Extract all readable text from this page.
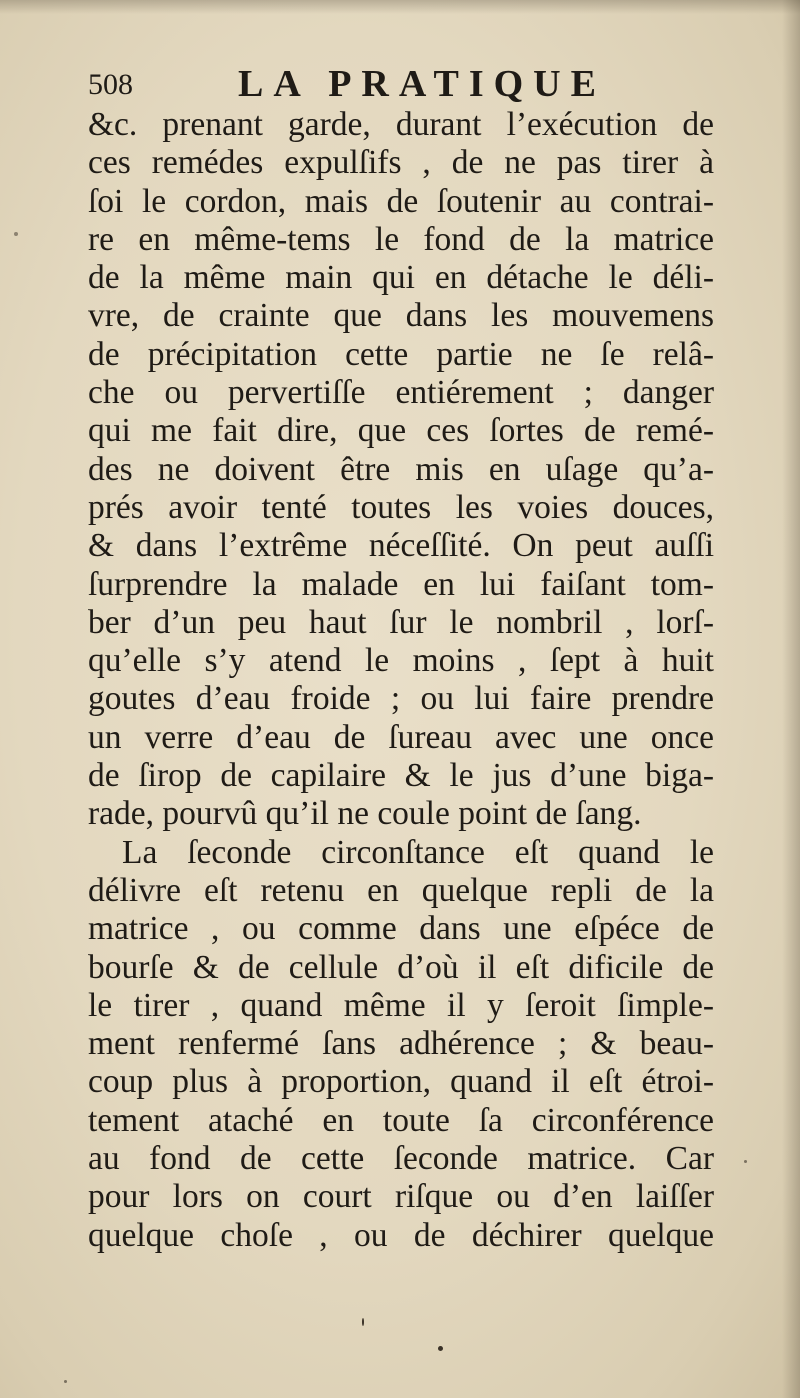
508	LA PRATIQUE
&c. prenant garde, durant l’exécution de
ces remédes expulſifs , de ne pas tirer à
ſoi le cordon, mais de ſoutenir au contrai-
re en même-tems le fond de la matrice
de la même main qui en détache le déli-
vre, de crainte que dans les mouvemens
de précipitation cette partie ne ſe relâ-
che ou pervertiſſe entiérement ; danger
qui me fait dire, que ces ſortes de remé-
des ne doivent être mis en uſage qu’a-
prés avoir tenté toutes les voies douces,
& dans l’extrême néceſſité. On peut auſſi
ſurprendre la malade en lui faiſant tom-
ber d’un peu haut ſur le nombril , lorſ-
qu’elle s’y atend le moins , ſept à huit
goutes d’eau froide ; ou lui faire prendre
un verre d’eau de ſureau avec une once
de ſirop de capilaire & le jus d’une biga-
rade, pourvû qu’il ne coule point de ſang.
La ſeconde circonſtance eſt quand le
délivre eſt retenu en quelque repli de la
matrice , ou comme dans une eſpéce de
bourſe & de cellule d’où il eſt dificile de
le tirer , quand même il y ſeroit ſimple-
ment renfermé ſans adhérence ; & beau-
coup plus à proportion, quand il eſt étroi-
tement ataché en toute ſa circonférence
au fond de cette ſeconde matrice. Car
pour lors on court riſque ou d’en laiſſer
quelque choſe , ou de déchirer quelque
